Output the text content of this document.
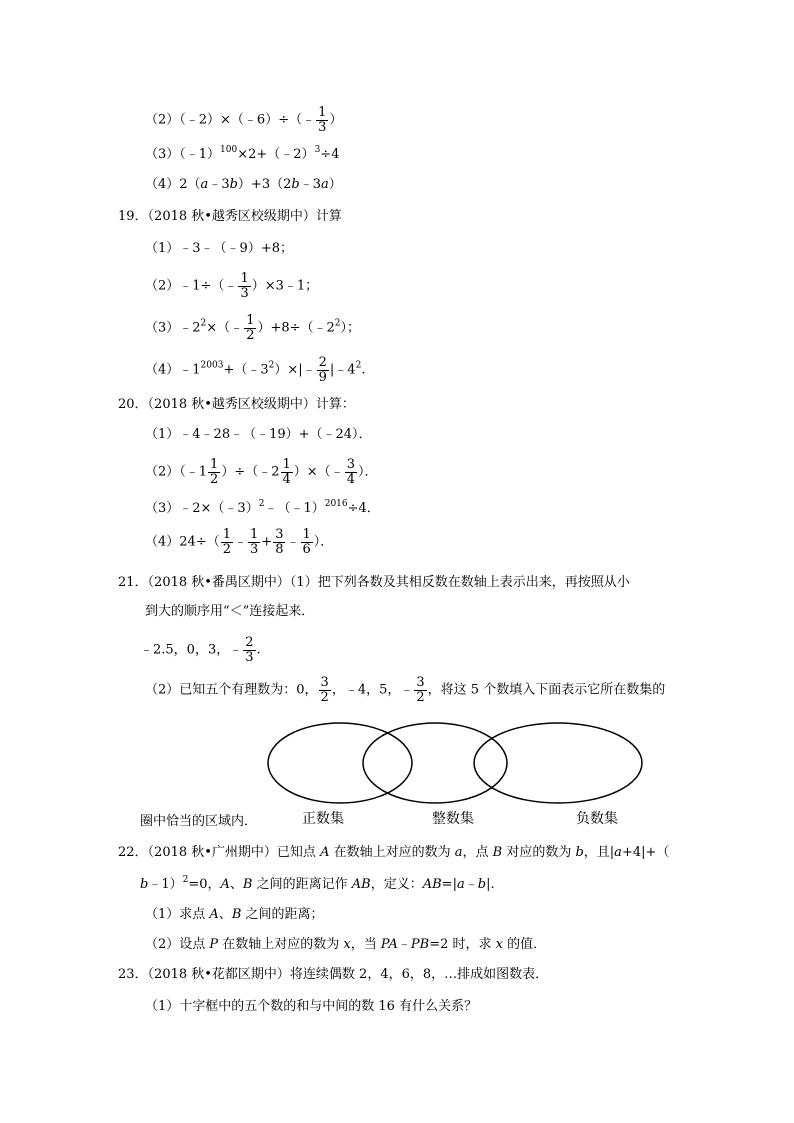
（2）（﹣2）×（﹣6）÷（﹣ $\frac{1}{3}$ ）
（3）（﹣1）$^{100}$×2+（﹣2）$^3$÷4
（4）2（a﹣3b）+3（2b﹣3a）
19．（2018 秋•越秀区校级期中）计算
（1）﹣3﹣（﹣9）+8；
（2）﹣1÷（﹣ $\frac{1}{3}$ ）×3﹣1；
$(3)﹣2^2\times(﹣ \frac{1}{2}$ ）$+8\div(﹣2^2)$；
$(4)﹣1^{2003}+(﹣3^2)\times|﹣ \frac{2}{9}$ $|﹣4^2$.
20．（2018 秋•越秀区校级期中）计算：
（1）﹣4﹣28﹣（﹣19）+（﹣24）．
（2）（﹣1 $\frac{1}{2}$ ）÷（﹣2 $\frac{1}{4}$ ）×（﹣ $\frac{3}{4}$ ）．
（3）﹣2×（﹣3）$^2$﹣（﹣1）$^{2016}$÷4．
$(4)24\div( \frac{1}{2}$ ﹣ $\frac{1}{3} + \frac{3}{8}$ ﹣ $\frac{1}{6}$ ）．
21．（2018 秋•番禺区期中）（1）把下列各数及其相反数在数轴上表示出来，再按照从小
到大的顺序用“＜”连接起来．
﹣2.5，0，3，﹣ $\frac{2}{3}$ .
（2）已知五个有理数为：0， $\frac{3}{2}$ ，﹣4，5，﹣ $\frac{3}{2}$ ，将这 5 个数填入下面表示它所在数集的
圈中恰当的区域内．	正数集	整数集	负数集
22．（2018 秋•广州期中）已知点 A 在数轴上对应的数为 a，点 B 对应的数为 b，且|a+4|+（
b﹣1）$^2$=0，A、B 之间的距离记作 AB，定义：AB=|a﹣b|.
（1）求点 A、B 之间的距离；
（2）设点 P 在数轴上对应的数为 x，当 PA﹣PB=2 时，求 x 的值．
23．（2018 秋•花都区期中）将连续偶数 2，4，6，8，…排成如图数表．
（1）十字框中的五个数的和与中间的数 16 有什么关系？
